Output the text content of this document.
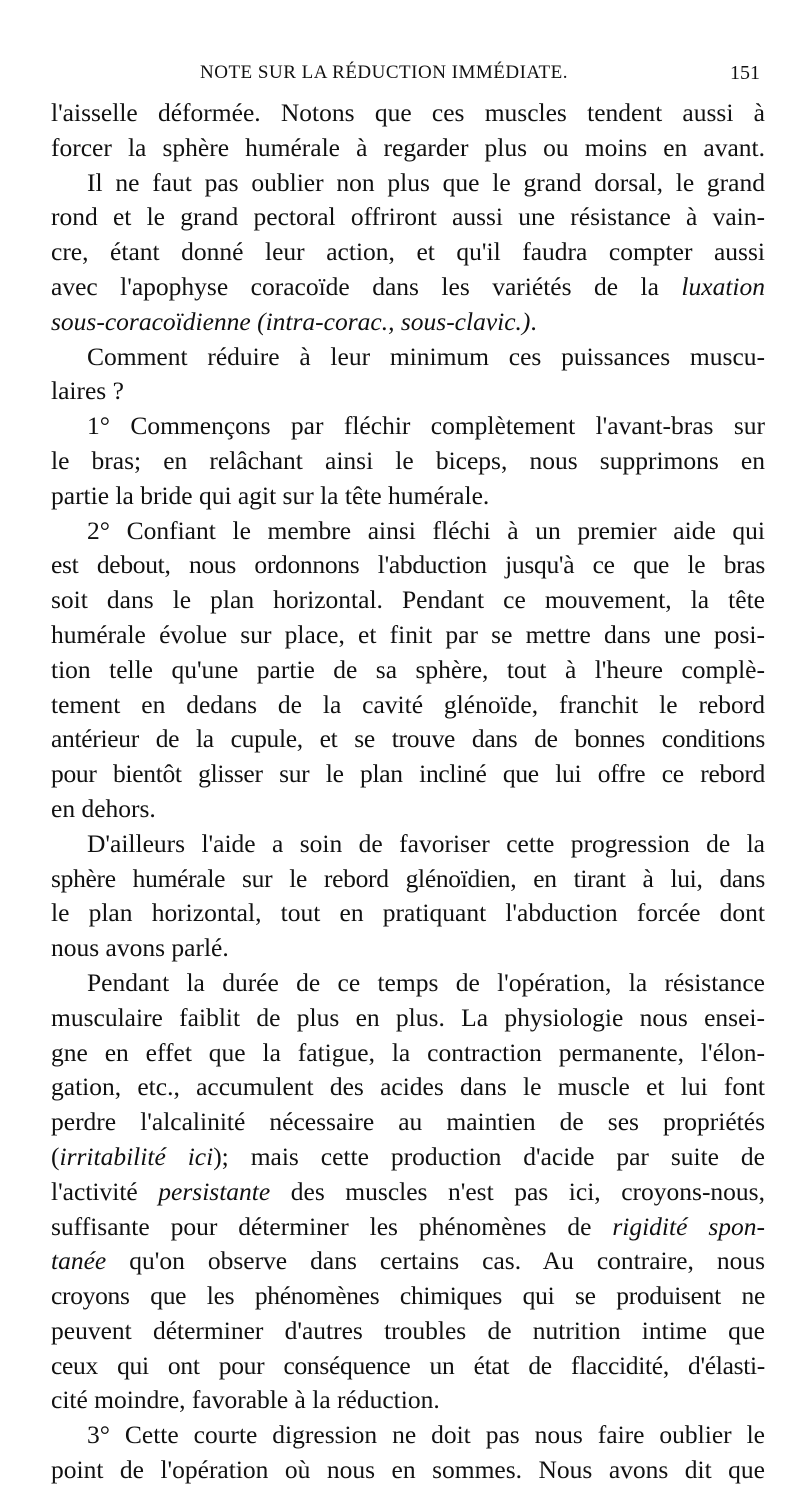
NOTE SUR LA RÉDUCTION IMMÉDIATE.	151
l'aisselle déformée. Notons que ces muscles tendent aussi à
forcer la sphère humérale à regarder plus ou moins en avant.
Il ne faut pas oublier non plus que le grand dorsal, le grand
rond et le grand pectoral offriront aussi une résistance à vain-
cre, étant donné leur action, et qu'il faudra compter aussi
avec l'apophyse coracoïde dans les variétés de la luxation
sous-coracoïdienne (intra-corac., sous-clavic.).
Comment réduire à leur minimum ces puissances muscu-
laires ?
1° Commençons par fléchir complètement l'avant-bras sur
le bras; en relâchant ainsi le biceps, nous supprimons en
partie la bride qui agit sur la tête humérale.
2° Confiant le membre ainsi fléchi à un premier aide qui
est debout, nous ordonnons l'abduction jusqu'à ce que le bras
soit dans le plan horizontal. Pendant ce mouvement, la tête
humérale évolue sur place, et finit par se mettre dans une posi-
tion telle qu'une partie de sa sphère, tout à l'heure complè-
tement en dedans de la cavité glénoïde, franchit le rebord
antérieur de la cupule, et se trouve dans de bonnes conditions
pour bientôt glisser sur le plan incliné que lui offre ce rebord
en dehors.
D'ailleurs l'aide a soin de favoriser cette progression de la
sphère humérale sur le rebord glénoïdien, en tirant à lui, dans
le plan horizontal, tout en pratiquant l'abduction forcée dont
nous avons parlé.
Pendant la durée de ce temps de l'opération, la résistance
musculaire faiblit de plus en plus. La physiologie nous ensei-
gne en effet que la fatigue, la contraction permanente, l'élon-
gation, etc., accumulent des acides dans le muscle et lui font
perdre l'alcalinité nécessaire au maintien de ses propriétés
(irritabilité ici); mais cette production d'acide par suite de
l'activité persistante des muscles n'est pas ici, croyons-nous,
suffisante pour déterminer les phénomènes de rigidité spon-
tanée qu'on observe dans certains cas. Au contraire, nous
croyons que les phénomènes chimiques qui se produisent ne
peuvent déterminer d'autres troubles de nutrition intime que
ceux qui ont pour conséquence un état de flaccidité, d'élasti-
cité moindre, favorable à la réduction.
3° Cette courte digression ne doit pas nous faire oublier le
point de l'opération où nous en sommes. Nous avons dit que
